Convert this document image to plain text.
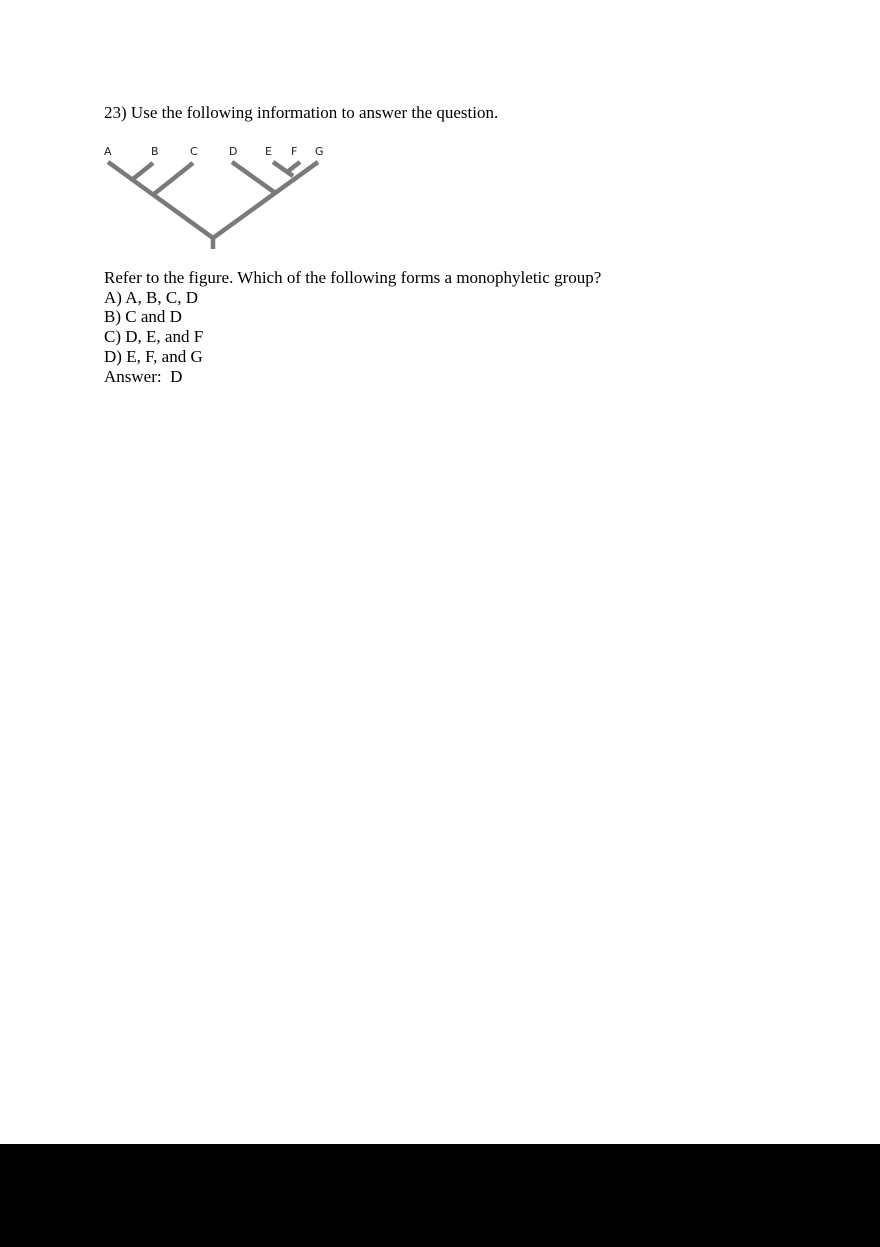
23) Use the following information to answer the question.
A	B	C	D	E F G
Refer to the figure. Which of the following forms a monophyletic group?
A) A, B, C, D
B) C and D
C) D, E, and F
D) E, F, and G
Answer: D
